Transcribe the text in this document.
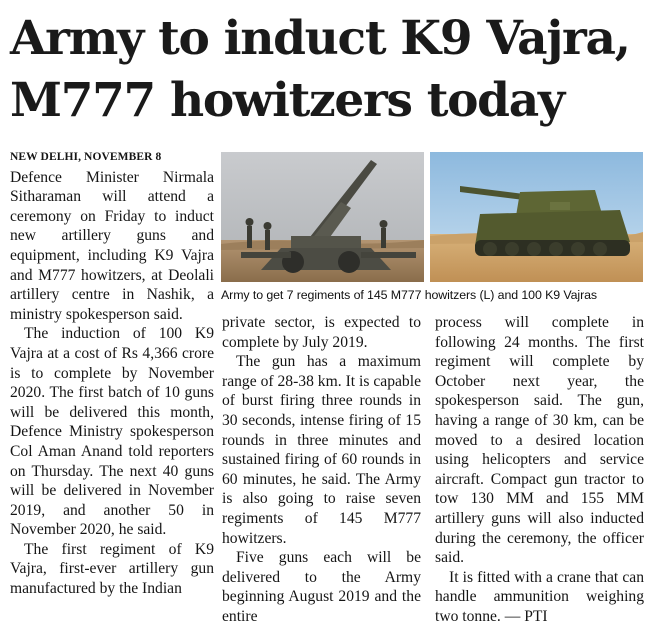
Army to induct K9 Vajra,
M777 howitzers today
NEW DELHI, NOVEMBER 8

Defence Minister Nirmala Sitharaman will attend a ceremony on Friday to induct new artillery guns and equipment, including K9 Vajra and M777 howitzers, at Deolali artillery centre in Nashik, a ministry spokesperson said.

The induction of 100 K9 Vajra at a cost of Rs 4,366 crore is to complete by November 2020. The first batch of 10 guns will be delivered this month, Defence Ministry spokesperson Col Aman Anand told reporters on Thursday. The next 40 guns will be delivered in November 2019, and another 50 in November 2020, he said.

The first regiment of K9 Vajra, first-ever artillery gun manufactured by the Indian

Army to get 7 regiments of 145 M777 howitzers (L) and 100 K9 Vajras

private sector, is expected to complete by July 2019.

The gun has a maximum range of 28-38 km. It is capable of burst firing three rounds in 30 seconds, intense firing of 15 rounds in three minutes and sustained firing of 60 rounds in 60 minutes, he said. The Army is also going to raise seven regiments of 145 M777 howitzers.

Five guns each will be delivered to the Army beginning August 2019 and the entire

process will complete in following 24 months. The first regiment will complete by October next year, the spokesperson said. The gun, having a range of 30 km, can be moved to a desired location using helicopters and service aircraft. Compact gun tractor to tow 130 MM and 155 MM artillery guns will also inducted during the ceremony, the officer said.

It is fitted with a crane that can handle ammunition weighing two tonne. — PTI
